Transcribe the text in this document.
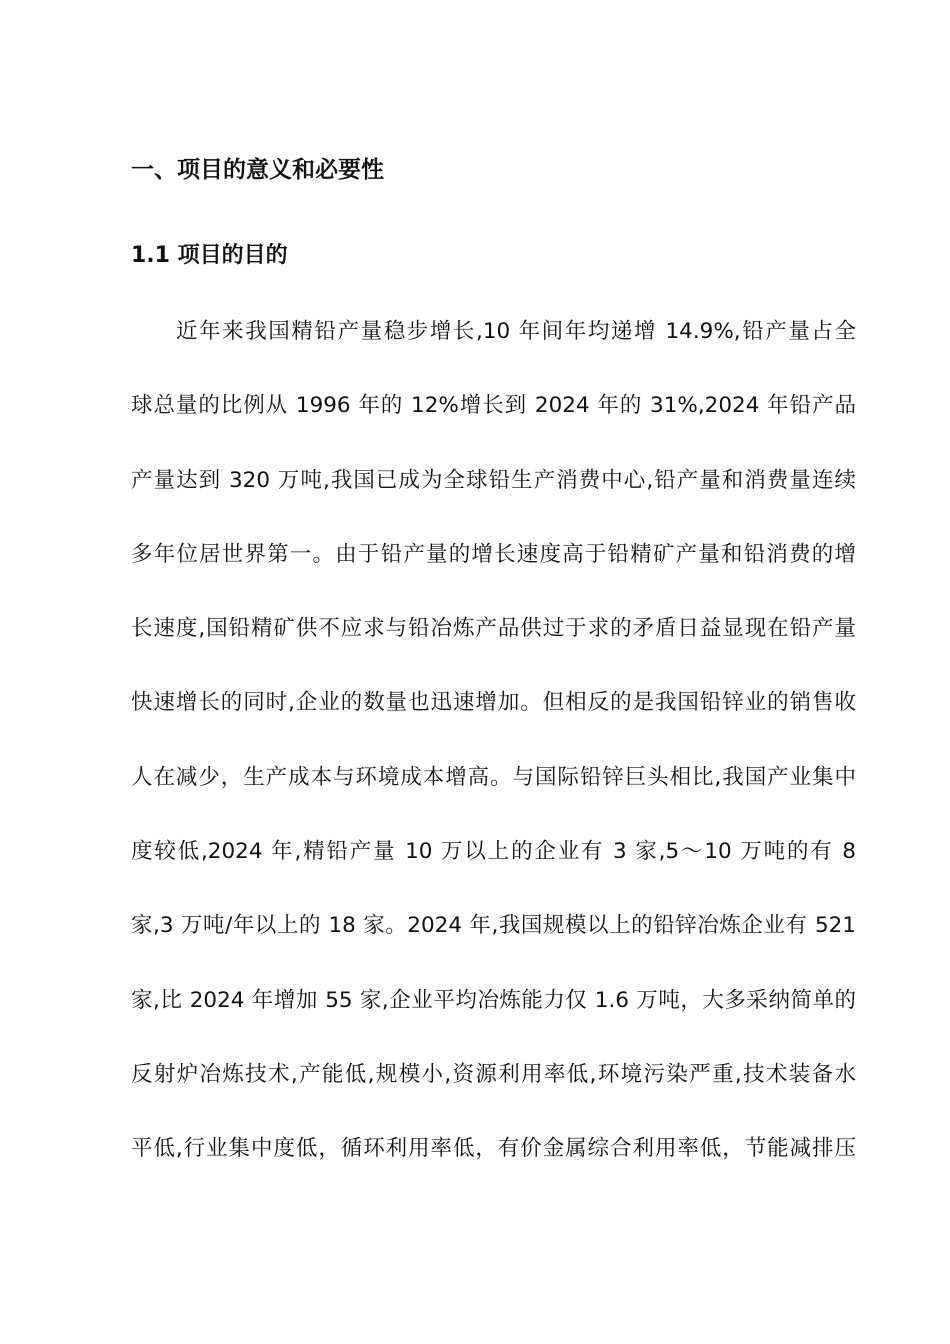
一、项目的意义和必要性
1.1 项目的目的
近年来我国精铅产量稳步增长,10 年间年均递增 14.9%,铅产量占全
球总量的比例从 1996 年的 12%增长到 2024 年的 31%,2024 年铅产品
产量达到 320 万吨,我国已成为全球铅生产消费中心,铅产量和消费量连续
多年位居世界第一。由于铅产量的增长速度高于铅精矿产量和铅消费的增
长速度,国铅精矿供不应求与铅冶炼产品供过于求的矛盾日益显现在铅产量
快速增长的同时,企业的数量也迅速增加。但相反的是我国铅锌业的销售收
人在减少，生产成本与环境成本增高。与国际铅锌巨头相比,我国产业集中
度较低,2024 年,精铅产量 10 万以上的企业有 3 家,5～10 万吨的有 8
家,3 万吨/年以上的 18 家。2024 年,我国规模以上的铅锌冶炼企业有 521
家,比 2024 年增加 55 家,企业平均冶炼能力仅 1.6 万吨，大多采纳简单的
反射炉冶炼技术,产能低,规模小,资源利用率低,环境污染严重,技术装备水
平低,行业集中度低，循环利用率低，有价金属综合利用率低，节能减排压
